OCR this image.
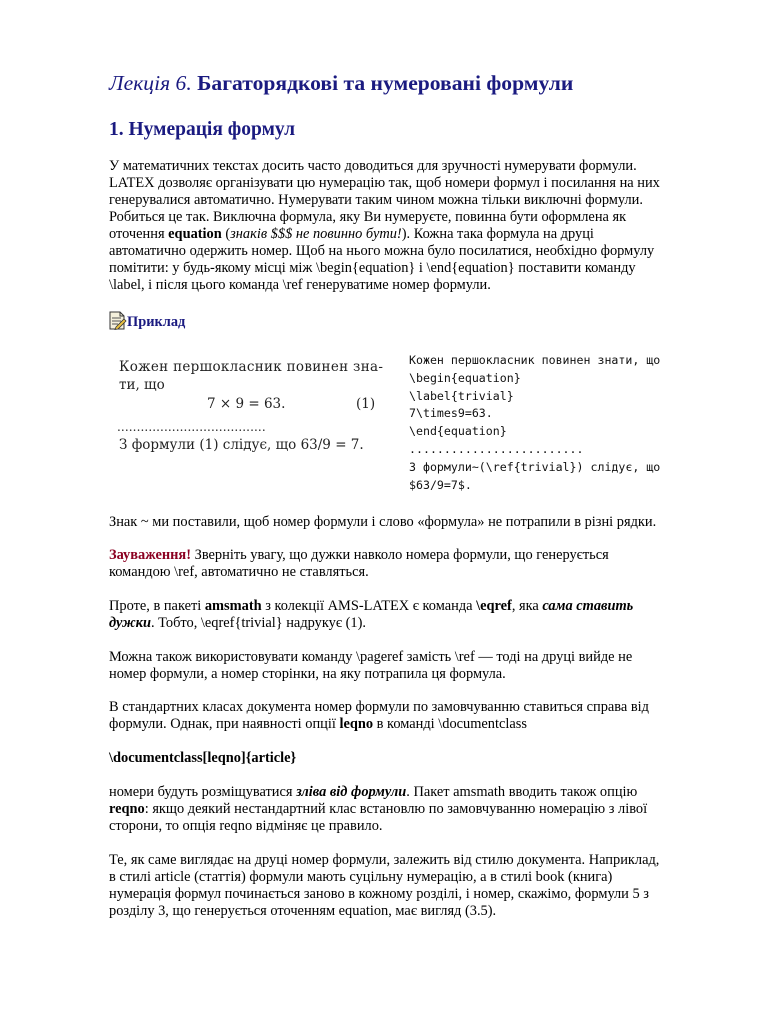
Лекція 6. Багаторядкові та нумеровані формули
1. Нумерація формул
У математичних текстах досить часто доводиться для зручності нумерувати формули.
LATEX дозволяє організувати цю нумерацію так, щоб номери формул і посилання на них
генерувалися автоматично. Нумерувати таким чином можна тільки виключні формули.
Робиться це так. Виключна формула, яку Ви нумеруєте, повинна бути оформлена як
оточення equation (знаків $$$ не повинно бути!). Кожна така формула на друці
автоматично одержить номер. Щоб на нього можна було посилатися, необхідно формулу
помітити: у будь-якому місці між \begin{equation} і \end{equation} поставити команду
\label, і після цього команда \ref генеруватиме номер формули.
Приклад
Кожен першокласник повинен зна-
ти, що
7 × 9 = 63.	(1)
......................................
З формули (1) слідує, що 63/9 = 7.
Кожен першокласник повинен знати, що
\begin{equation}
\label{trivial}
7\times9=63.
\end{equation}
.........................
З формули~(\ref{trivial}) слідує, що
$63/9=7$.
Знак ~ ми поставили, щоб номер формули і слово «формула» не потрапили в різні рядки.
Зауваження! Зверніть увагу, що дужки навколо номера формули, що генерується
командою \ref, автоматично не ставляться.
Проте, в пакеті amsmath з колекції AMS-LATEX є команда \eqref, яка сама ставить
дужки. Тобто, \eqref{trivial} надрукує (1).
Можна також використовувати команду \pageref замість \ref — тоді на друці вийде не
номер формули, а номер сторінки, на яку потрапила ця формула.
В стандартних класах документа номер формули по замовчуванню ставиться справа від
формули. Однак, при наявності опції leqno в команді \documentclass
\documentclass[leqno]{article}
номери будуть розміщуватися зліва від формули. Пакет amsmath вводить також опцію
reqno: якщо деякий нестандартний клас встановлю по замовчуванню номерацію з лівої
сторони, то опція reqno відміняє це правило.
Те, як саме виглядає на друці номер формули, залежить від стилю документа. Наприклад,
в стилі article (статтія) формули мають суцільну нумерацію, а в стилі book (книга)
нумерація формул починається заново в кожному розділі, і номер, скажімо, формули 5 з
розділу 3, що генерується оточенням equation, має вигляд (3.5).
